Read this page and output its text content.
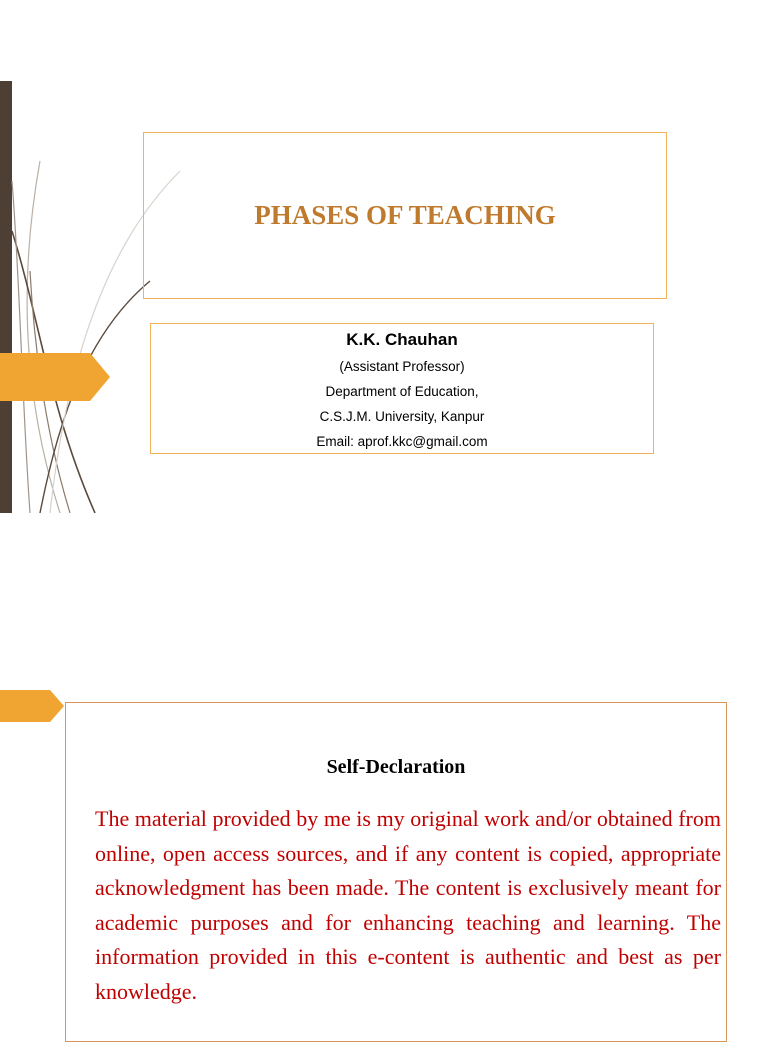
PHASES OF TEACHING

K.K. Chauhan

(Assistant Professor)

Department of Education,

C.S.J.M. University, Kanpur

Email: aprof.kkc@gmail.com

Self-Declaration

The material provided by me is my original work and/or obtained from online, open access sources, and if any content is copied, appropriate acknowledgment has been made. The content is exclusively meant for academic purposes and for enhancing teaching and learning. The information provided in this e-content is authentic and best as per knowledge.
